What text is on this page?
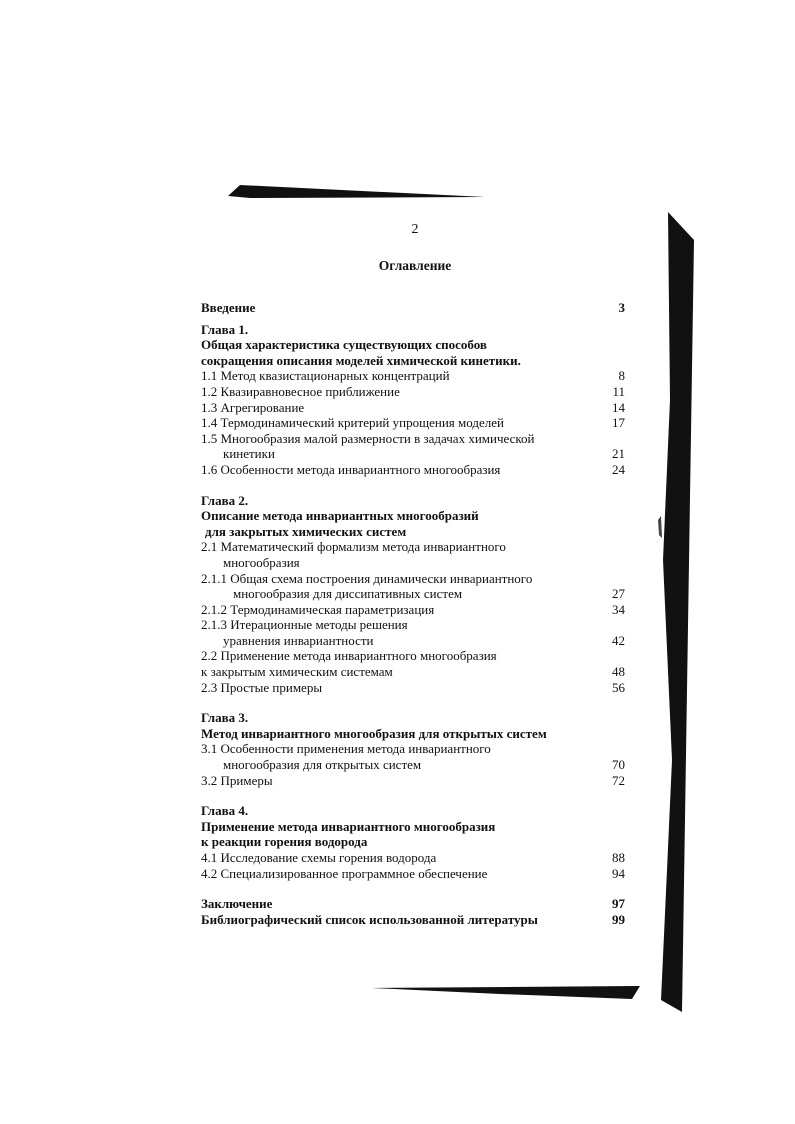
2
Оглавление
Введение	3
Глава 1.
Общая характеристика существующих способов
сокращения описания моделей химической кинетики.
1.1 Метод квазистационарных концентраций	8
1.2 Квазиравновесное приближение	11
1.3 Агрегирование	14
1.4 Термодинамический критерий упрощения моделей	17
1.5 Многообразия малой размерности в задачах химической
кинетики	21
1.6 Особенности метода инвариантного многообразия	24
Глава 2.
Описание метода инвариантных многообразий
для закрытых химических систем
2.1 Математический формализм метода инвариантного
многообразия
2.1.1 Общая схема построения динамически инвариантного
многообразия для диссипативных систем	27
2.1.2 Термодинамическая параметризация	34
2.1.3 Итерационные методы решения
уравнения инвариантности	42
2.2 Применение метода инвариантного многообразия
к закрытым химическим системам	48
2.3 Простые примеры	56
Глава 3.
Метод инвариантного многообразия для открытых систем
3.1 Особенности применения метода инвариантного
многообразия для открытых систем	70
3.2 Примеры	72
Глава 4.
Применение метода инвариантного многообразия
к реакции горения водорода
4.1 Исследование схемы горения водорода	88
4.2 Специализированное программное обеспечение	94
Заключение	97
Библиографический список использованной литературы	99
